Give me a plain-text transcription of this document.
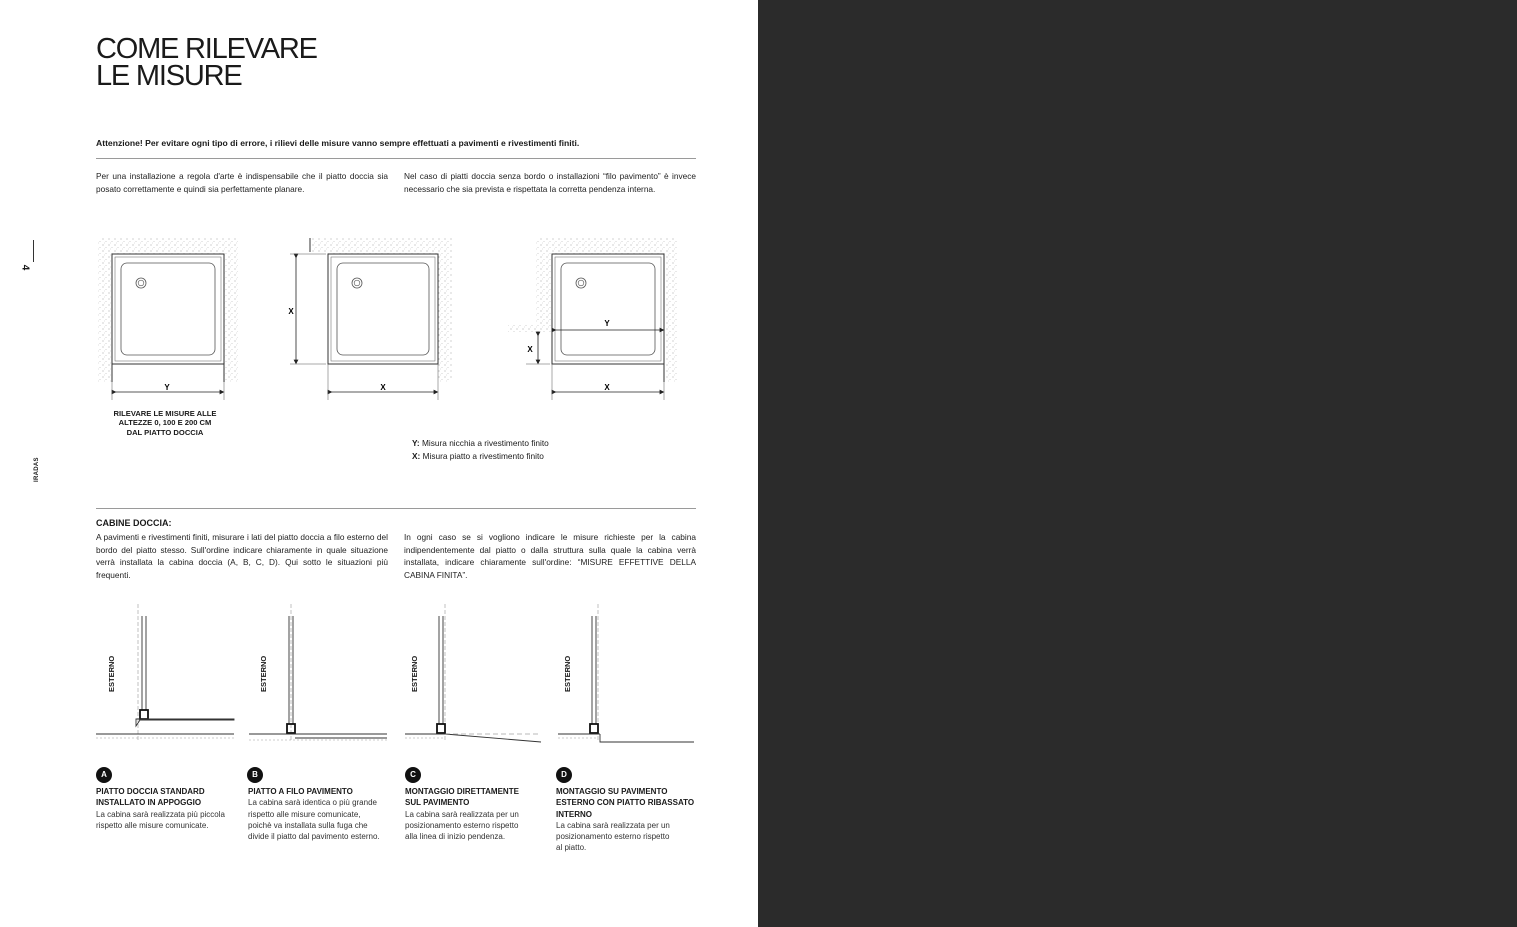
COME RILEVARE
LE MISURE
4
IRADAS
Attenzione! Per evitare ogni tipo di errore, i rilievi delle misure vanno sempre effettuati a pavimenti e rivestimenti finiti.
Per una installazione a regola d'arte è indispensabile che il piatto doccia sia posato correttamente e quindi sia perfettamente planare.
Nel caso di piatti doccia senza bordo o installazioni “filo pavimento” è invece necessario che sia prevista e rispettata la corretta pendenza interna.
Y
X
X
Y
X
X
RILEVARE LE MISURE ALLE ALTEZZE 0, 100 E 200 CM DAL PIATTO DOCCIA
Y: Misura nicchia a rivestimento finito
X: Misura piatto a rivestimento finito
CABINE DOCCIA:
A pavimenti e rivestimenti finiti, misurare i lati del piatto doccia a filo esterno del bordo del piatto stesso. Sull'ordine indicare chiaramente in quale situazione verrà installata la cabina doccia (A, B, C, D). Qui sotto le situazioni più frequenti.
In ogni caso se si vogliono indicare le misure richieste per la cabina indipendentemente dal piatto o dalla struttura sulla quale la cabina verrà installata, indicare chiaramente sull'ordine: “MISURE EFFETTIVE DELLA CABINA FINITA”.
ESTERNO	ESTERNO	ESTERNO	ESTERNO
A	B	C	D
PIATTO DOCCIA STANDARD
INSTALLATO IN APPOGGIO
La cabina sarà realizzata più piccola
rispetto alle misure comunicate.
PIATTO A FILO PAVIMENTO
La cabina sarà identica o più grande
rispetto alle misure comunicate,
poichè va installata sulla fuga che
divide il piatto dal pavimento esterno.
MONTAGGIO DIRETTAMENTE
SUL PAVIMENTO
La cabina sarà realizzata per un
posizionamento esterno rispetto
alla linea di inizio pendenza.
MONTAGGIO SU PAVIMENTO
ESTERNO CON PIATTO RIBASSATO
INTERNO
La cabina sarà realizzata per un
posizionamento esterno rispetto
al piatto.
